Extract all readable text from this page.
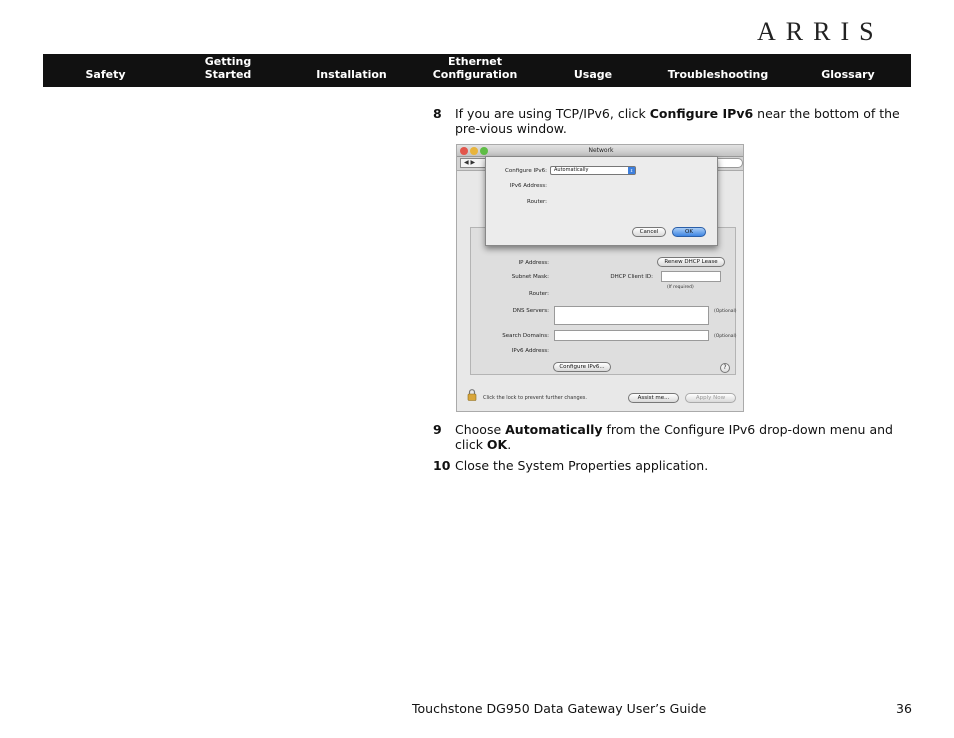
ARRIS
Safety
Getting
Started	Installation
Ethernet
Configuration	Usage	Troubleshooting	Glossary
8 If you are using TCP/IPv6, click Configure IPv6 near the bottom of the pre-vious window.
Network
◀ ▶
IP Address:	Renew DHCP Lease
Subnet Mask:	DHCP Client ID:
(If required)
Router:
DNS Servers:	(Optional)
Search Domains:	(Optional)
IPv6 Address:
Configure IPv6...	?
Configure IPv6:	Automatically	⇕
IPv6 Address:
Router:
Cancel	OK
Click the lock to prevent further changes.	Assist me...	Apply Now
9 Choose Automatically from the Configure IPv6 drop-down menu and click OK.
10 Close the System Properties application.
Touchstone DG950 Data Gateway User’s Guide	36
